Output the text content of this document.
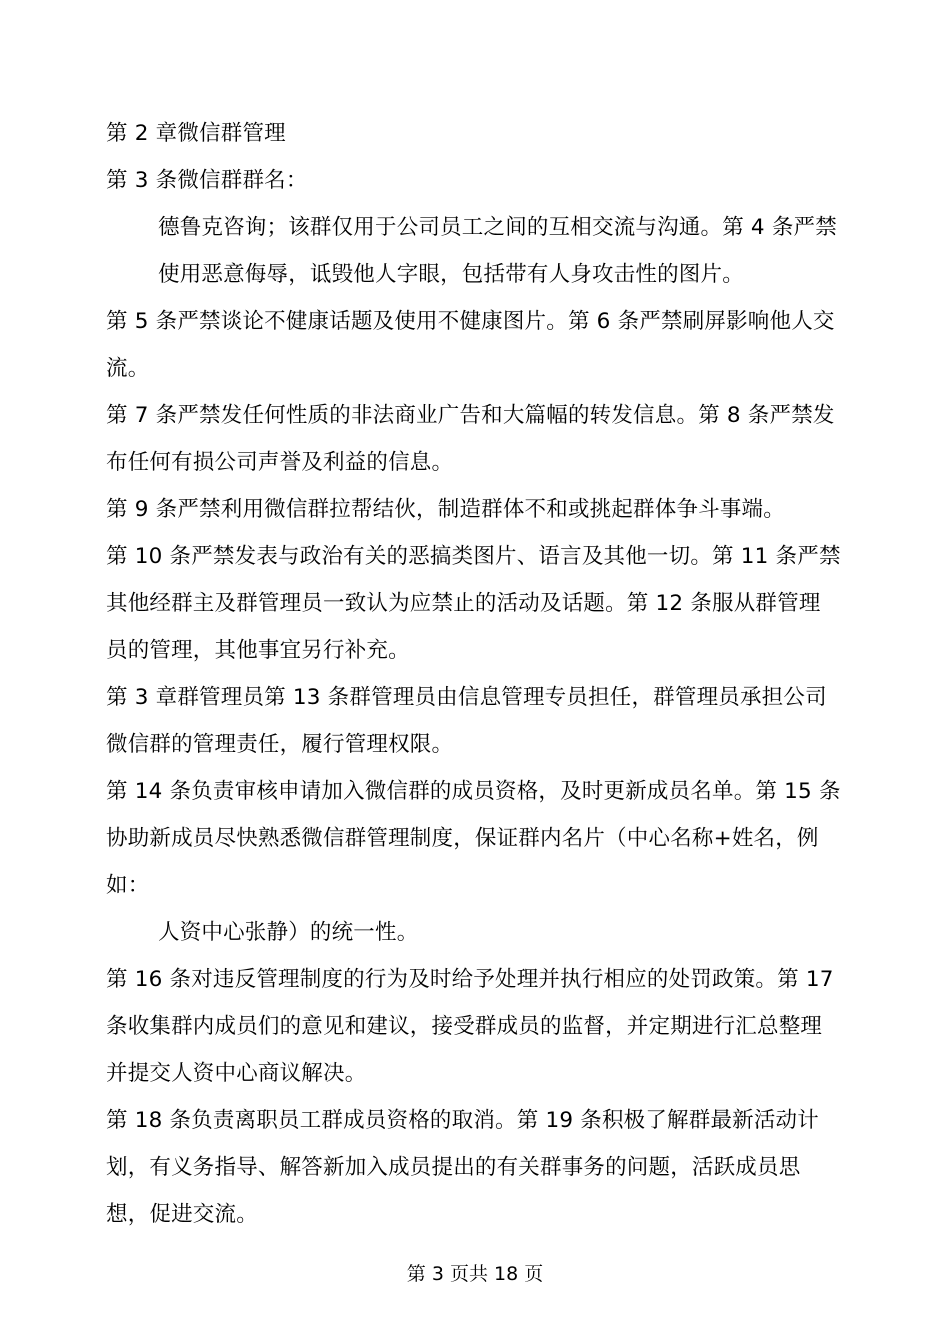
第 2 章微信群管理

第 3 条微信群群名：

德鲁克咨询；该群仅用于公司员工之间的互相交流与沟通。第 4 条严禁使用恶意侮辱，诋毁他人字眼，包括带有人身攻击性的图片。

第 5 条严禁谈论不健康话题及使用不健康图片。第 6 条严禁刷屏影响他人交流。

第 7 条严禁发任何性质的非法商业广告和大篇幅的转发信息。第 8 条严禁发布任何有损公司声誉及利益的信息。

第 9 条严禁利用微信群拉帮结伙，制造群体不和或挑起群体争斗事端。

第 10 条严禁发表与政治有关的恶搞类图片、语言及其他一切。第 11 条严禁其他经群主及群管理员一致认为应禁止的活动及话题。第 12 条服从群管理员的管理，其他事宜另行补充。

第 3 章群管理员第 13 条群管理员由信息管理专员担任，群管理员承担公司微信群的管理责任，履行管理权限。

第 14 条负责审核申请加入微信群的成员资格，及时更新成员名单。第 15 条协助新成员尽快熟悉微信群管理制度，保证群内名片（中心名称+姓名，例如：

人资中心张静）的统一性。

第 16 条对违反管理制度的行为及时给予处理并执行相应的处罚政策。第 17 条收集群内成员们的意见和建议，接受群成员的监督，并定期进行汇总整理并提交人资中心商议解决。

第 18 条负责离职员工群成员资格的取消。第 19 条积极了解群最新活动计划，有义务指导、解答新加入成员提出的有关群事务的问题，活跃成员思想，促进交流。

第 3 页共 18 页
